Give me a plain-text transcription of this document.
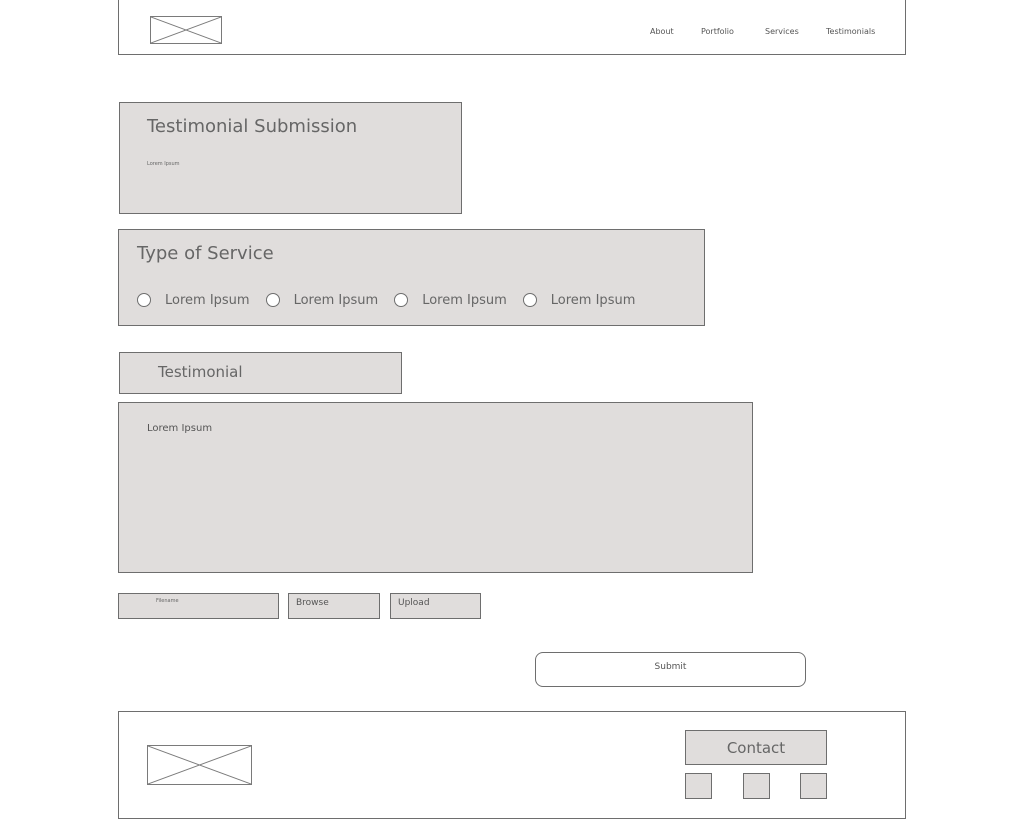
About	Portfolio	Services	Testimonials
Testimonial Submission
Lorem Ipsum
Type of Service
Lorem Ipsum	Lorem Ipsum	Lorem Ipsum	Lorem Ipsum
Testimonial
Lorem Ipsum
Filename	Browse	Upload
Submit
Contact
